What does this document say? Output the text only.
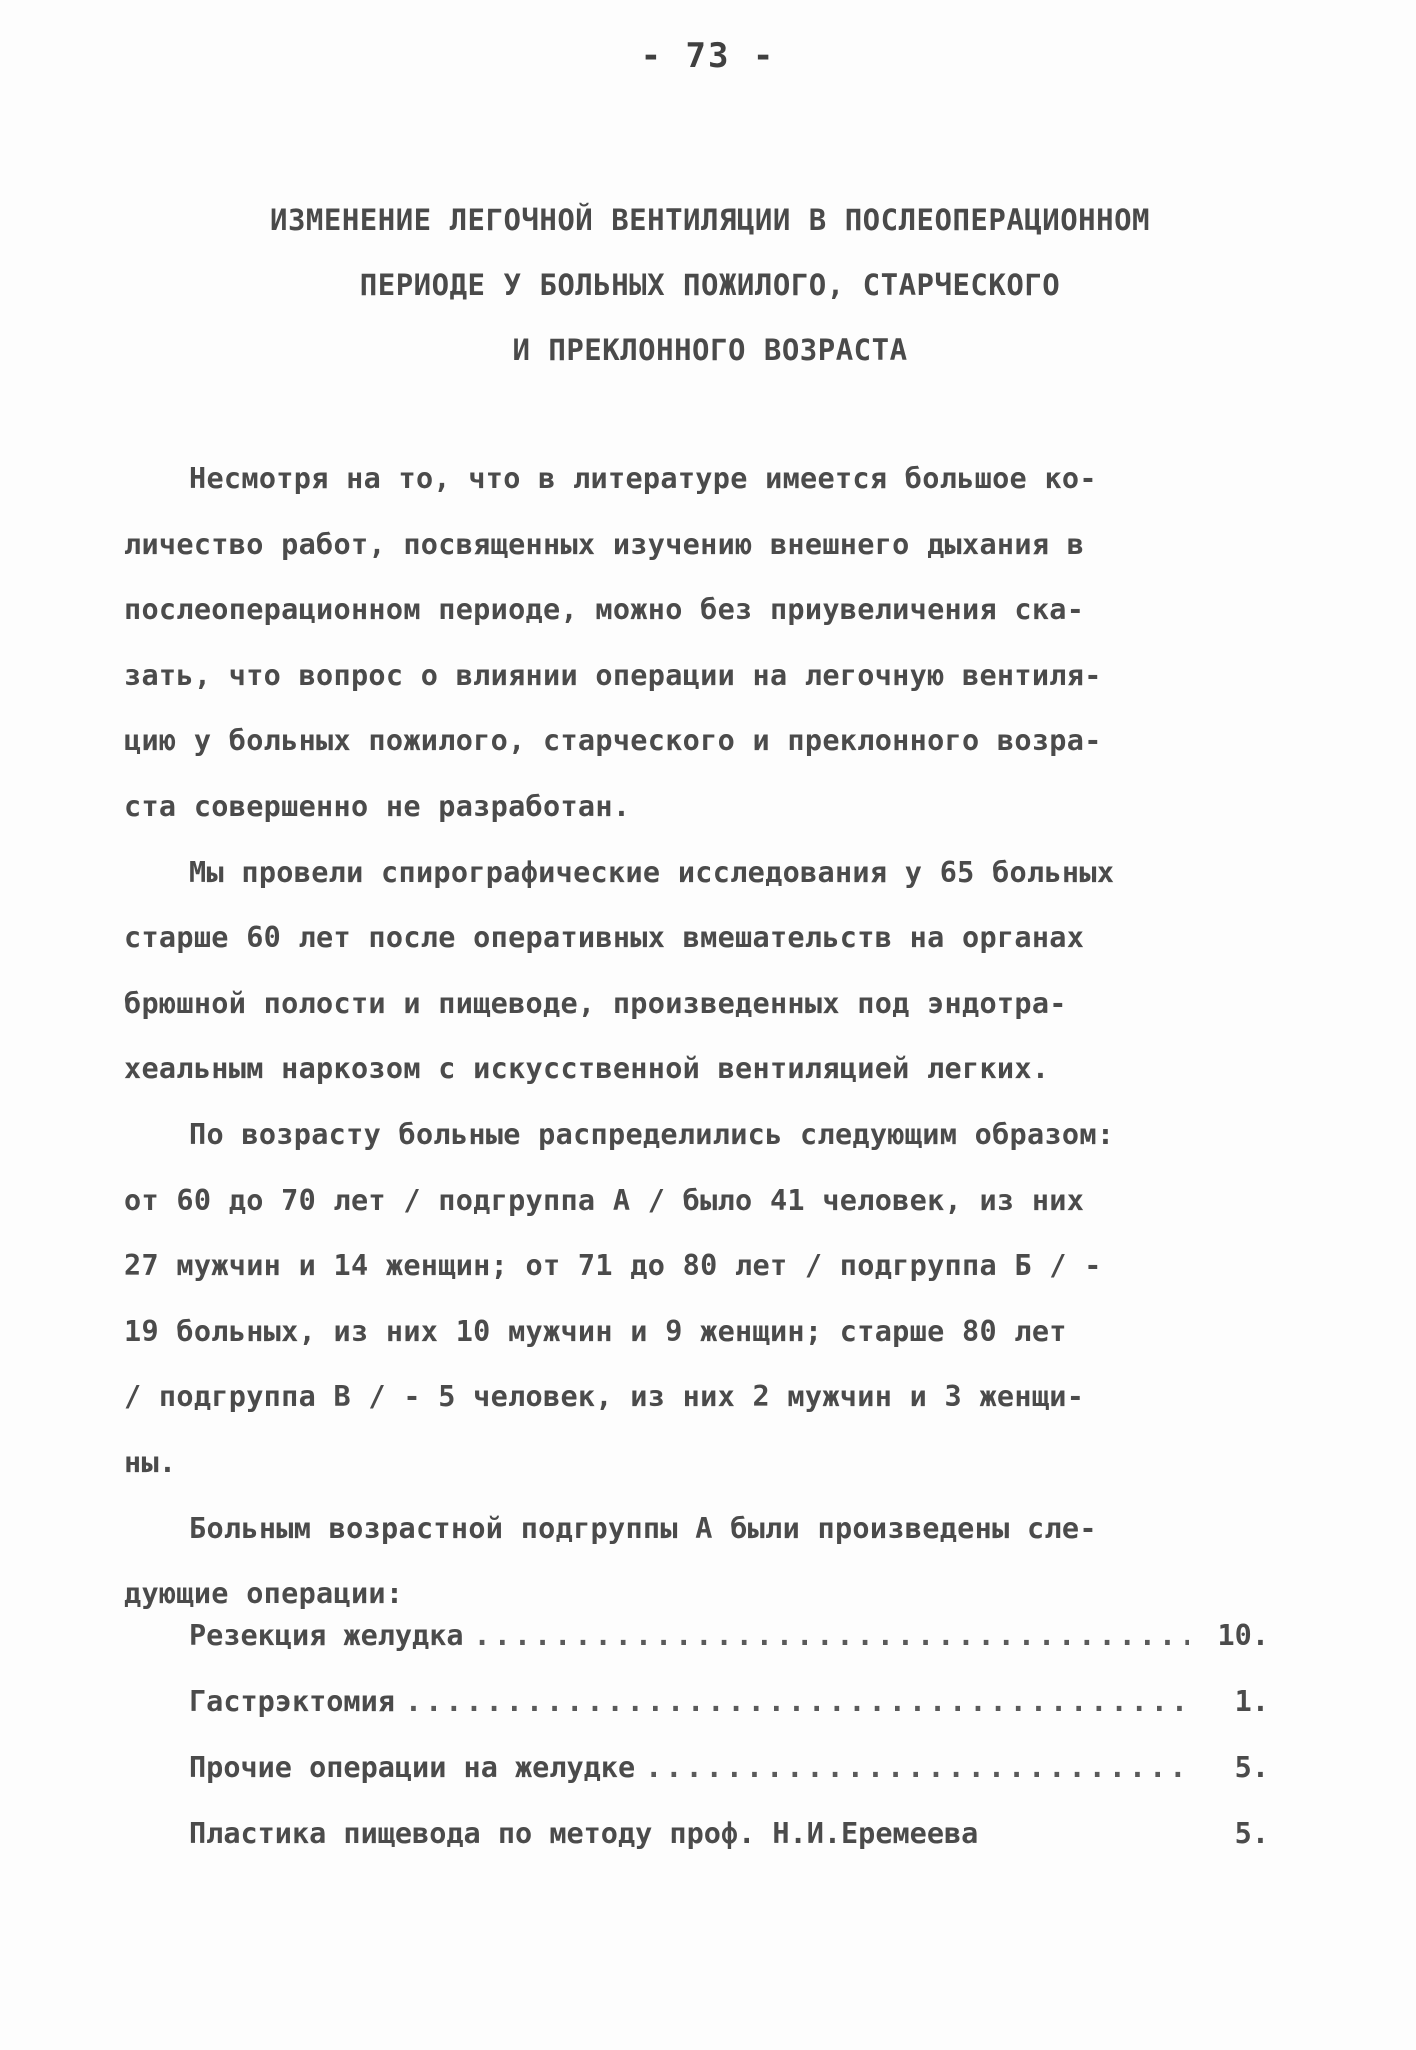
- 73 -
ИЗМЕНЕНИЕ ЛЕГОЧНОЙ ВЕНТИЛЯЦИИ В ПОСЛЕОПЕРАЦИОННОМ
ПЕРИОДЕ У БОЛЬНЫХ ПОЖИЛОГО, СТАРЧЕСКОГО
И ПРЕКЛОННОГО ВОЗРАСТА
Несмотря на то, что в литературе имеется большое ко-
личество работ, посвященных изучению внешнего дыхания в
послеоперационном периоде, можно без приувеличения ска-
зать, что вопрос о влиянии операции на легочную вентиля-
цию у больных пожилого, старческого и преклонного возра-
ста совершенно не разработан.
Мы провели спирографические исследования у 65 больных
старше 60 лет после оперативных вмешательств на органах
брюшной полости и пищеводе, произведенных под эндотра-
хеальным наркозом с искусственной вентиляцией легких.
По возрасту больные распределились следующим образом:
от 60 до 70 лет / подгруппа А / было 41 человек, из них
27 мужчин и 14 женщин; от 71 до 80 лет / подгруппа Б / -
19 больных, из них 10 мужчин и 9 женщин; старше 80 лет
/ подгруппа В / - 5 человек, из них 2 мужчин и 3 женщи-
ны.
Больным возрастной подгруппы А были произведены сле-
дующие операции:
Резекция желудка .....	10.
Гастрэктомия .....	1.
Прочие операции на желудке .....	5.
Пластика пищевода по методу проф. Н.И.Еремеева	5.
